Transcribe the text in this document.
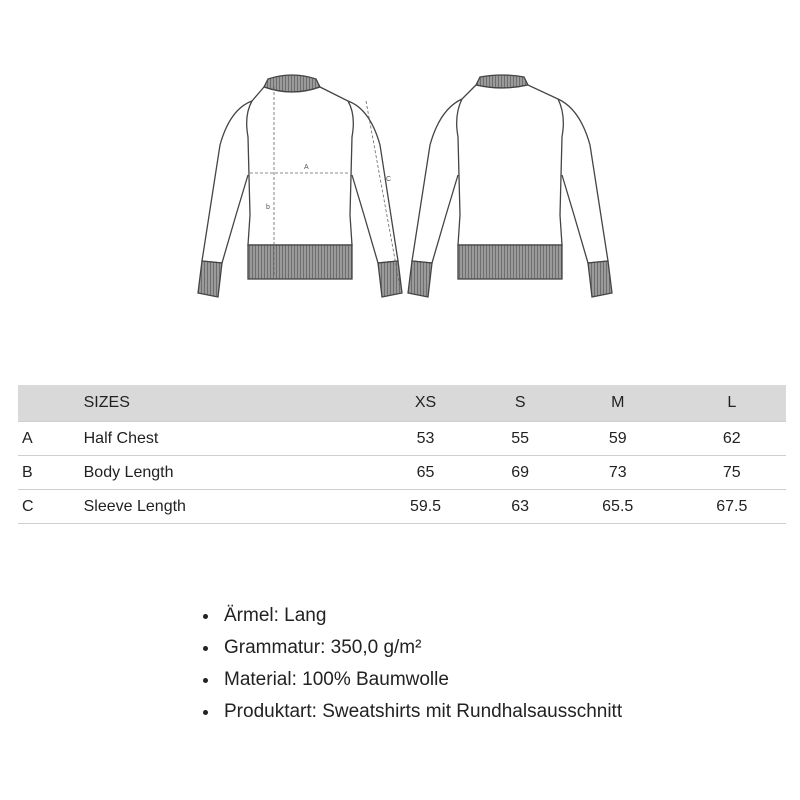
A
b
C
	SIZES	XS	S	M	L
A	Half Chest	53	55	59	62
B	Body Length	65	69	73	75
C	Sleeve Length	59.5	63	65.5	67.5
• Ärmel: Lang
• Grammatur: 350,0 g/m²
• Material: 100% Baumwolle
• Produktart: Sweatshirts mit Rundhalsausschnitt
